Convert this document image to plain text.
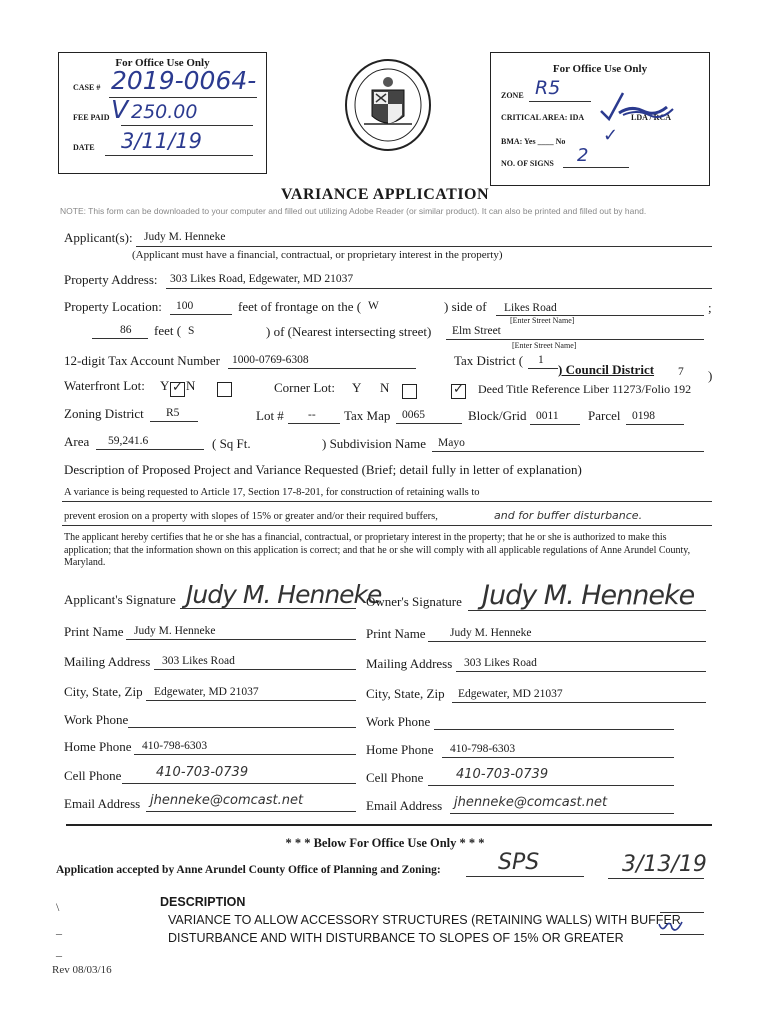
For Office Use Only
CASE # 2019-0064-V
FEE PAID 250.00
DATE 3/11/19
For Office Use Only
ZONE R5
CRITICAL AREA: IDA	LDA / RCA
BMA: Yes ____ No ✓
NO. OF SIGNS 2
VARIANCE APPLICATION
NOTE: This form can be downloaded to your computer and filled out utilizing Adobe Reader (or similar product). It can also be printed and filled out by hand.
Applicant(s): Judy M. Henneke
(Applicant must have a financial, contractual, or proprietary interest in the property)
Property Address: 303 Likes Road, Edgewater, MD 21037
Property Location: 100	feet of frontage on the ( W	) side of Likes Road	;
[Enter Street Name]
86 feet ( S	) of (Nearest intersecting street) Elm Street
[Enter Street Name]
12-digit Tax Account Number 1000-0769-6308	Tax District ( 1
) Council District 7 )
Waterfront Lot: Y ✓ N
	Corner Lot: Y
N ✓	Deed Title Reference Liber 11273/Folio 192
Zoning District R5	Lot # -- Tax Map 0065	Block/Grid 0011 Parcel 0198
Area 59,241.6	( Sq Ft.	) Subdivision Name Mayo
Description of Proposed Project and Variance Requested (Brief; detail fully in letter of explanation)
A variance is being requested to Article 17, Section 17-8-201, for construction of retaining walls to
prevent erosion on a property with slopes of 15% or greater and/or their required buffers,	and for buffer disturbance.
The applicant hereby certifies that he or she has a financial, contractual, or proprietary interest in the property; that he or she is authorized to make this application; that the information shown on this application is correct; and that he or she will comply with all applicable regulations of Anne Arundel County, Maryland.
Applicant's Signature Judy M. Henneke
Owner's Signature Judy M. Henneke
Print Name Judy M. Henneke	Print Name Judy M. Henneke
Mailing Address 303 Likes Road	Mailing Address 303 Likes Road
City, State, Zip Edgewater, MD 21037	City, State, Zip Edgewater, MD 21037
Work Phone	Work Phone
Home Phone 410-798-6303	Home Phone 410-798-6303
Cell Phone	410-703-0739	Cell Phone	410-703-0739
Email Address jhenneke@comcast.net	Email Address jhenneke@comcast.net
* * * Below For Office Use Only * * *
Application accepted by Anne Arundel County Office of Planning and Zoning:	SPS	3/13/19
\
_
_
DESCRIPTION
VARIANCE TO ALLOW ACCESSORY STRUCTURES (RETAINING WALLS) WITH BUFFER
DISTURBANCE AND WITH DISTURBANCE TO SLOPES OF 15% OR GREATER
Rev 08/03/16
